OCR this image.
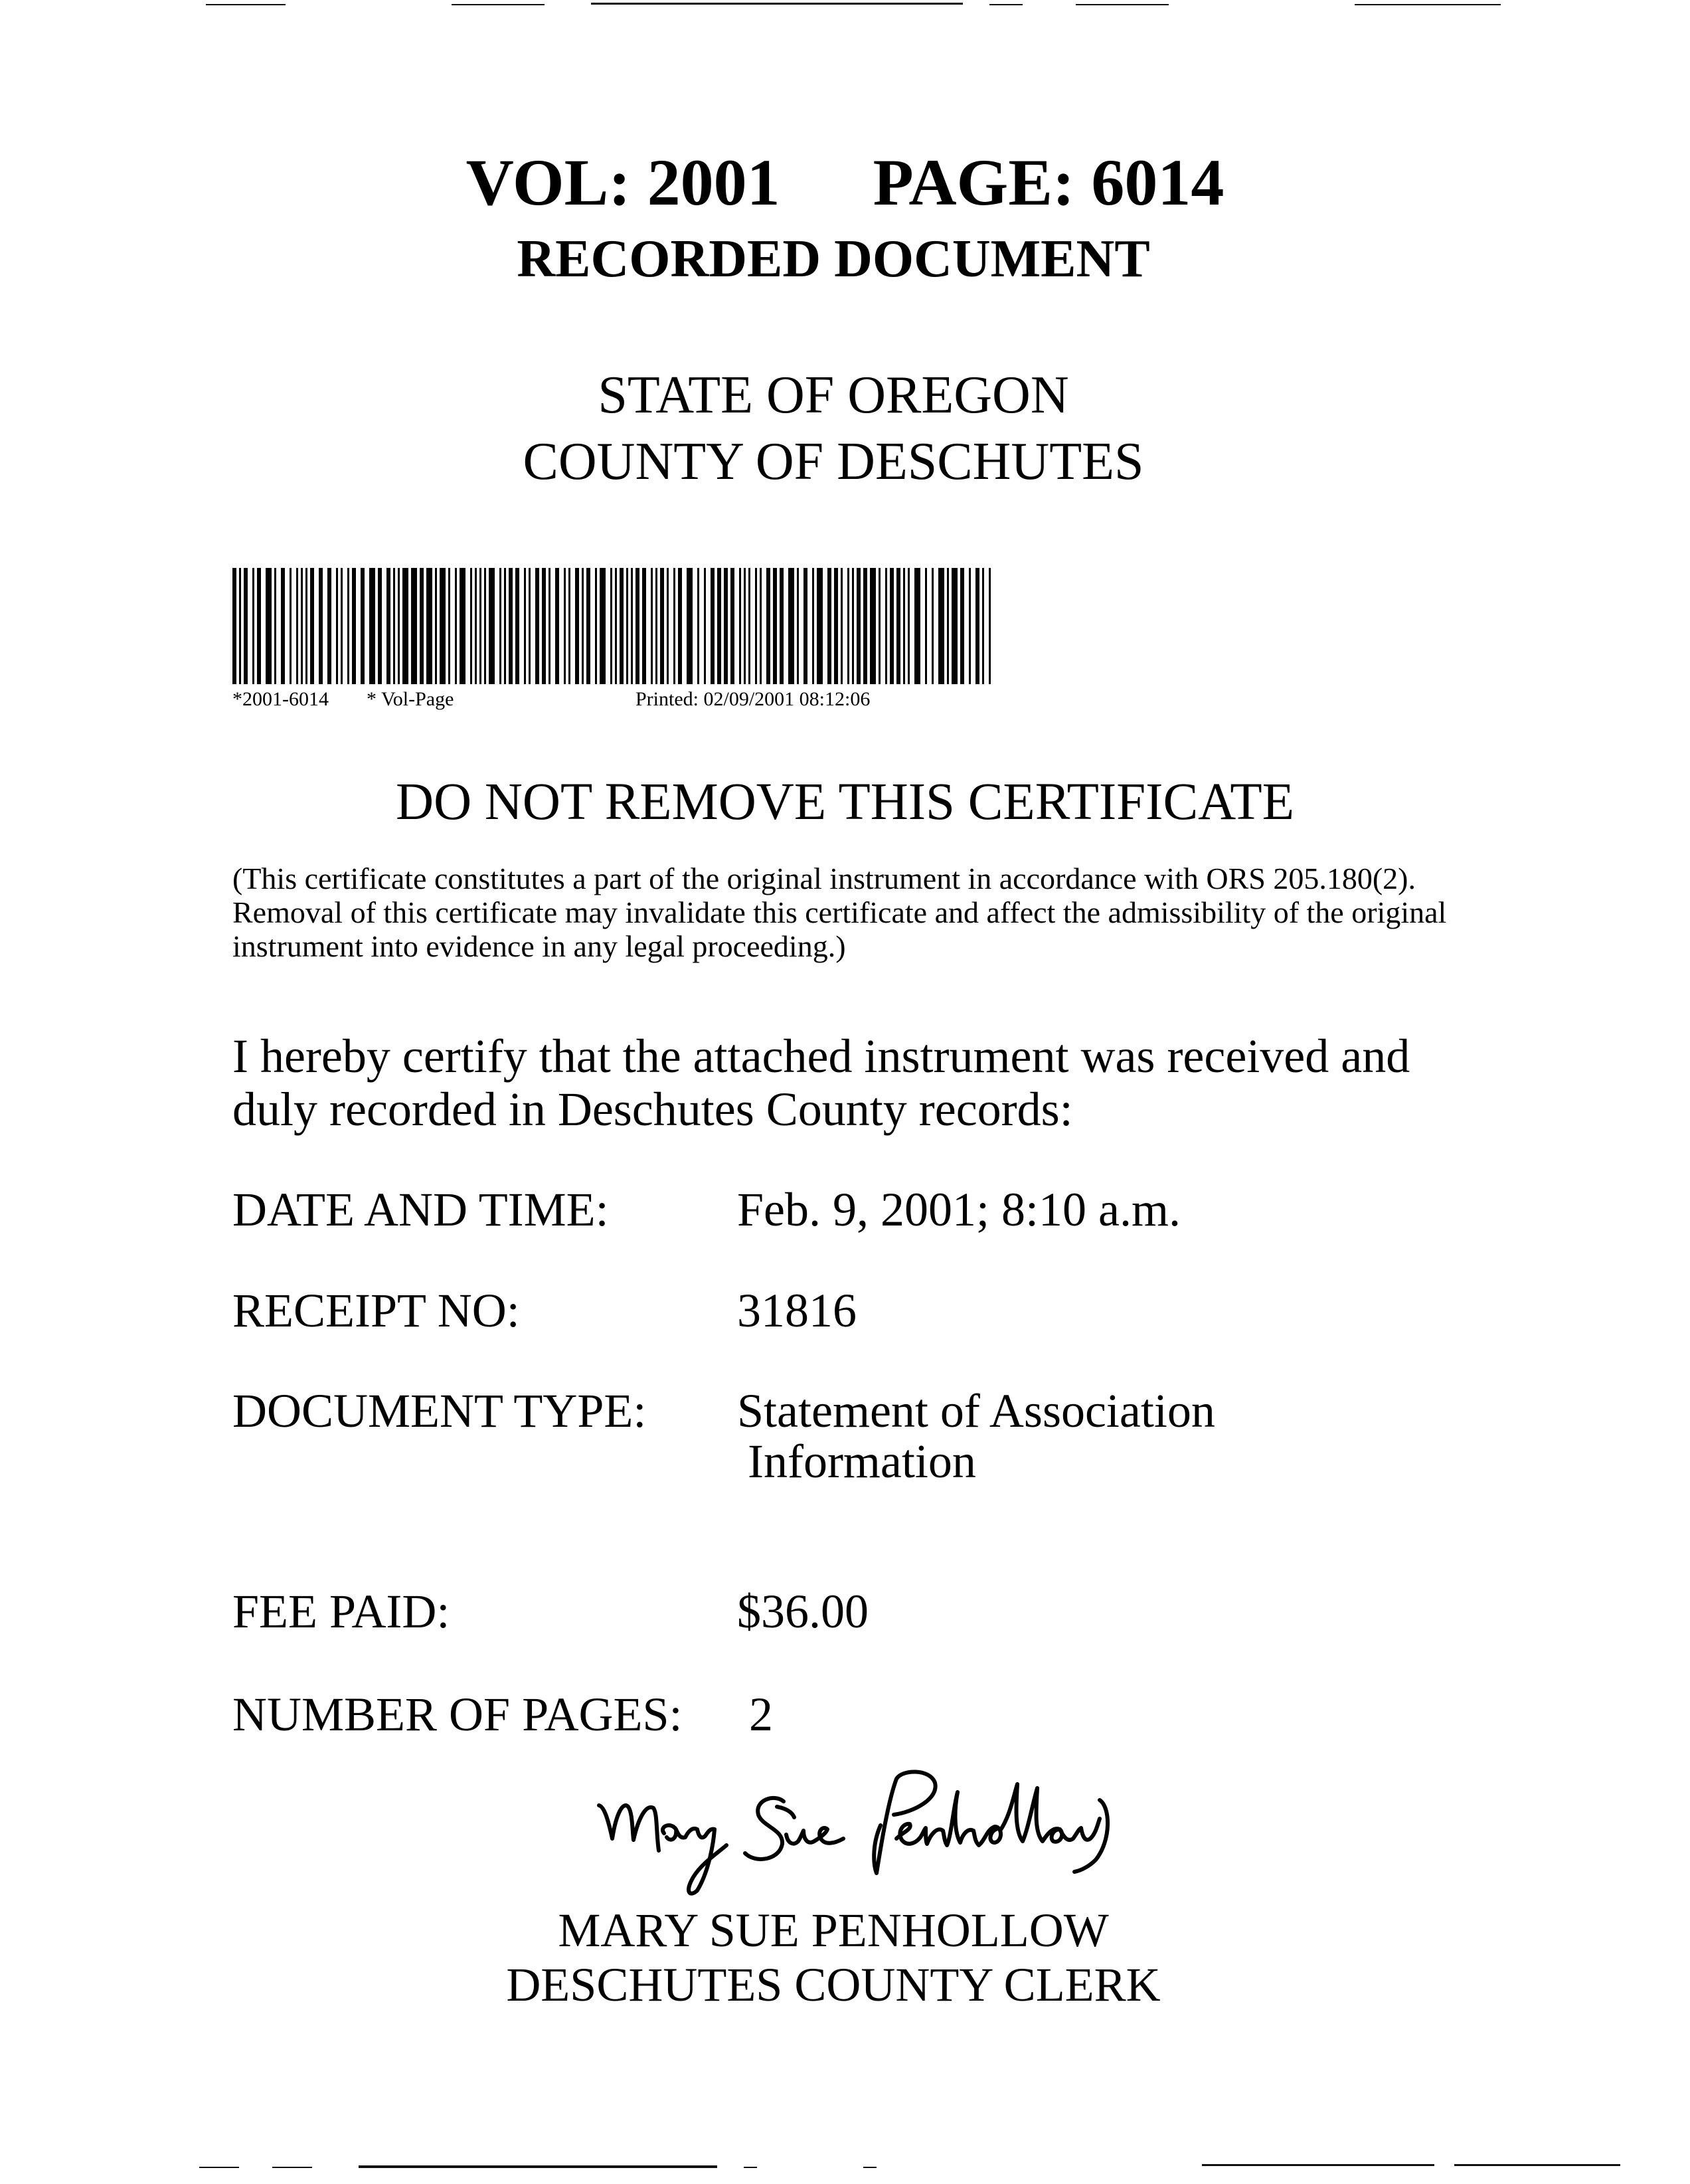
VOL: 2001 PAGE: 6014
RECORDED DOCUMENT
STATE OF OREGON
COUNTY OF DESCHUTES
*2001-6014 * Vol-Page	Printed: 02/09/2001 08:12:06
DO NOT REMOVE THIS CERTIFICATE
(This certificate constitutes a part of the original instrument in accordance with ORS 205.180(2). Removal of this certificate may invalidate this certificate and affect the admissibility of the original instrument into evidence in any legal proceeding.)
I hereby certify that the attached instrument was received and duly recorded in Deschutes County records:
DATE AND TIME:	Feb. 9, 2001; 8:10 a.m.
RECEIPT NO:	31816
DOCUMENT TYPE: Statement of Association
Information
FEE PAID:	$36.00
NUMBER OF PAGES: 2
MARY SUE PENHOLLOW
DESCHUTES COUNTY CLERK
